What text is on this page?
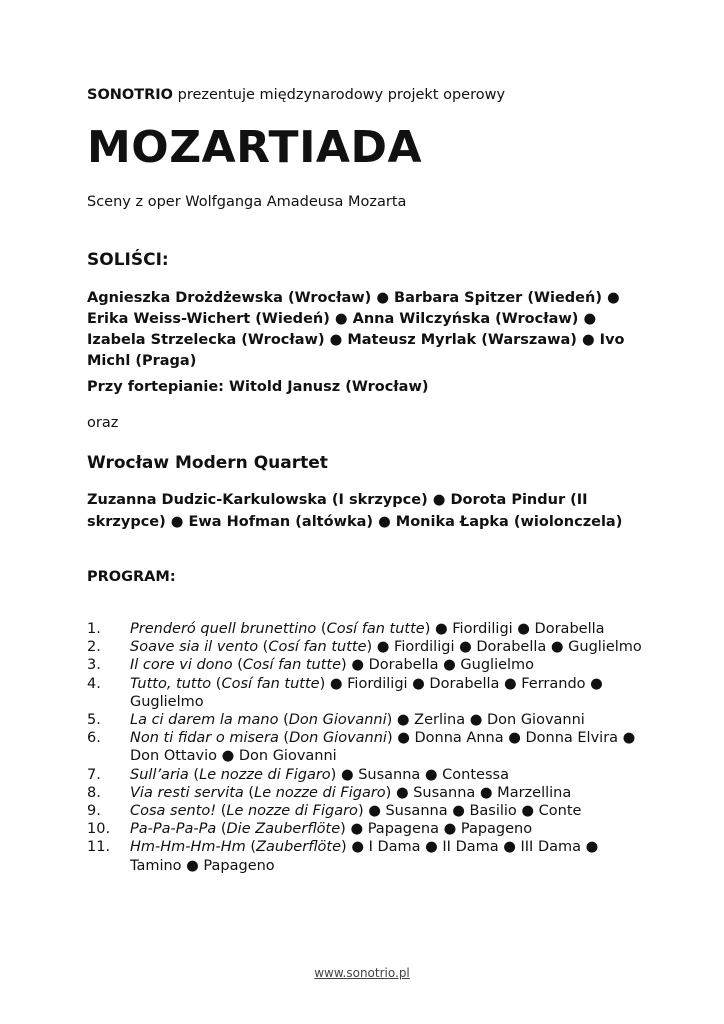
SONOTRIO prezentuje międzynarodowy projekt operowy
MOZARTIADA
Sceny z oper Wolfganga Amadeusa Mozarta
SOLIŚCI:
Agnieszka Drożdżewska (Wrocław) ● Barbara Spitzer (Wiedeń) ● Erika Weiss-Wichert (Wiedeń) ● Anna Wilczyńska (Wrocław) ● Izabela Strzelecka (Wrocław) ● Mateusz Myrlak (Warszawa) ● Ivo Michl (Praga)
Przy fortepianie: Witold Janusz (Wrocław)
oraz
Wrocław Modern Quartet
Zuzanna Dudzic-Karkulowska (I skrzypce) ● Dorota Pindur (II skrzypce) ● Ewa Hofman (altówka) ● Monika Łapka (wiolonczela)
PROGRAM:
1.	Prenderó quell brunettino (Cosí fan tutte) ● Fiordiligi ● Dorabella
2.	Soave sia il vento (Cosí fan tutte) ● Fiordiligi ● Dorabella ● Guglielmo
3.	Il core vi dono (Cosí fan tutte) ● Dorabella ● Guglielmo
4.	Tutto, tutto (Cosí fan tutte) ● Fiordiligi ● Dorabella ● Ferrando ● Guglielmo
5.	La ci darem la mano (Don Giovanni) ● Zerlina ● Don Giovanni
6.	Non ti fidar o misera (Don Giovanni) ● Donna Anna ● Donna Elvira ● Don Ottavio ● Don Giovanni
7.	Sull’aria (Le nozze di Figaro) ● Susanna ● Contessa
8.	Via resti servita (Le nozze di Figaro) ● Susanna ● Marzellina
9.	Cosa sento! (Le nozze di Figaro) ● Susanna ● Basilio ● Conte
10.	Pa-Pa-Pa-Pa (Die Zauberflӧte) ● Papagena ● Papageno
11.	Hm-Hm-Hm-Hm (Zauberflöte) ● I Dama ● II Dama ● III Dama ● Tamino ● Papageno
www.sonotrio.pl
